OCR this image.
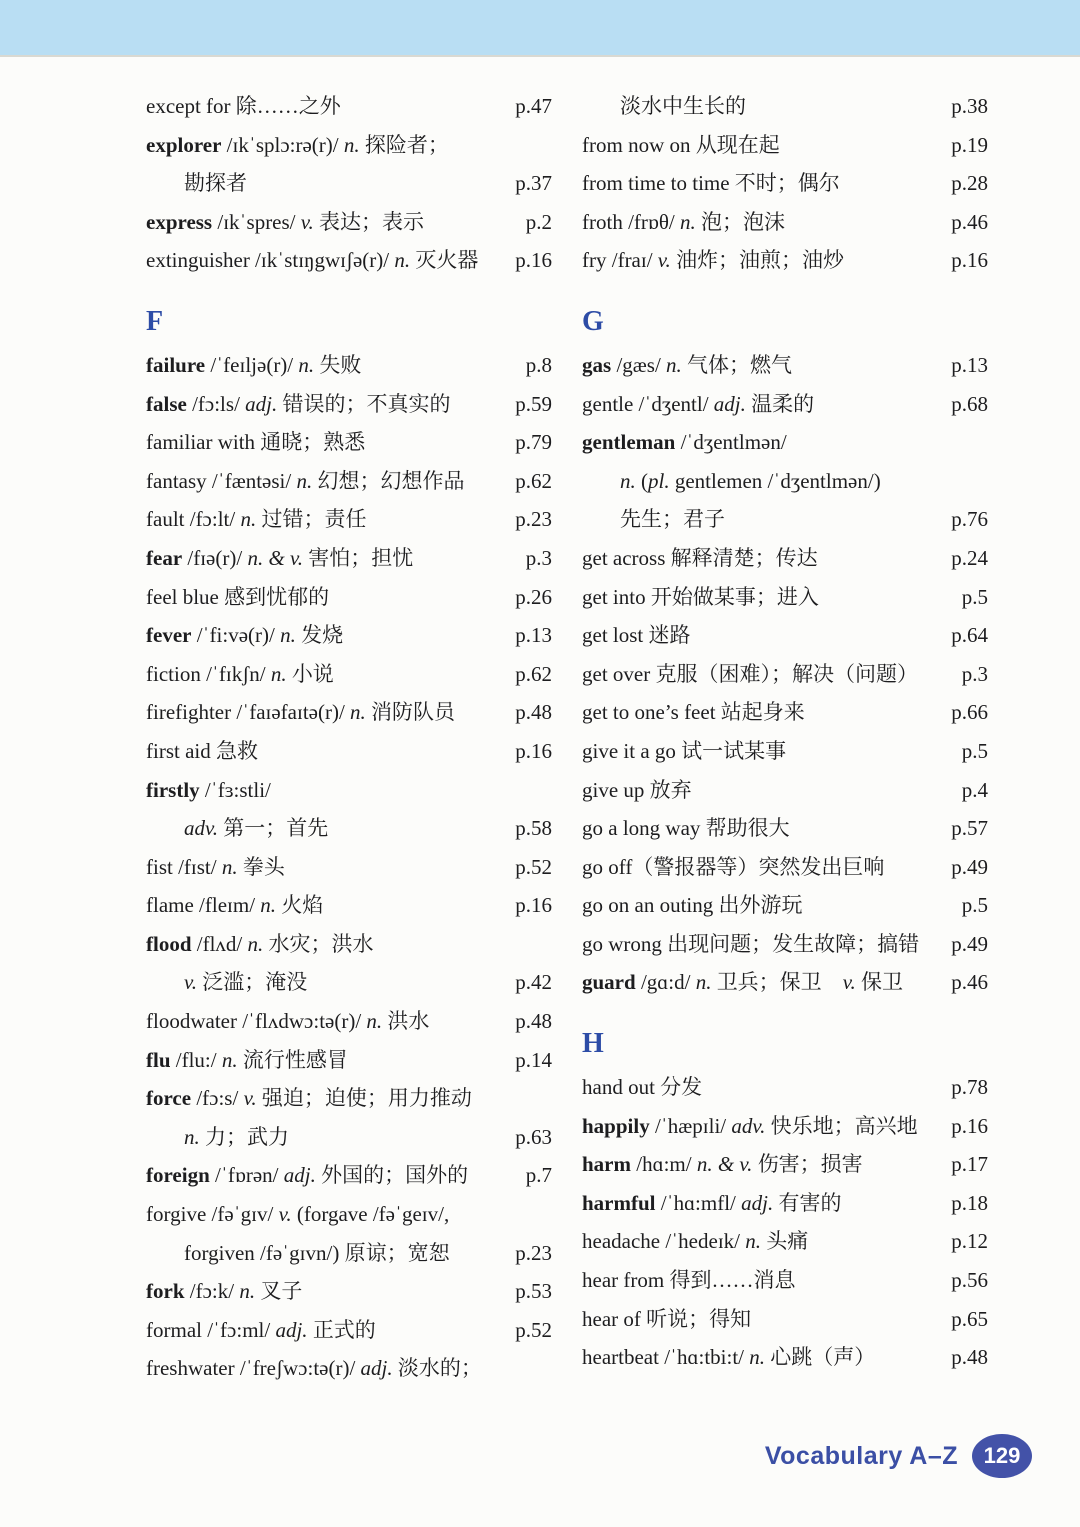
except for 除……之外	p.47
explorer /ɪkˈsplɔ:rə(r)/ n. 探险者；
勘探者	p.37
express /ɪkˈspres/ v. 表达；表示	p.2
extinguisher /ɪkˈstɪŋgwɪʃə(r)/ n. 灭火器	p.16
F
failure /ˈfeɪljə(r)/ n. 失败	p.8
false /fɔ:ls/ adj. 错误的；不真实的	p.59
familiar with 通晓；熟悉	p.79
fantasy /ˈfæntəsi/ n. 幻想；幻想作品	p.62
fault /fɔ:lt/ n. 过错；责任	p.23
fear /fɪə(r)/ n. & v. 害怕；担忧	p.3
feel blue 感到忧郁的	p.26
fever /ˈfi:və(r)/ n. 发烧	p.13
fiction /ˈfɪkʃn/ n. 小说	p.62
firefighter /ˈfaɪəfaɪtə(r)/ n. 消防队员	p.48
first aid 急救	p.16
firstly /ˈfɜ:stli/
adv. 第一；首先	p.58
fist /fɪst/ n. 拳头	p.52
flame /fleɪm/ n. 火焰	p.16
flood /flʌd/ n. 水灾；洪水
v. 泛滥；淹没	p.42
floodwater /ˈflʌdwɔ:tə(r)/ n. 洪水	p.48
flu /flu:/ n. 流行性感冒	p.14
force /fɔ:s/ v. 强迫；迫使；用力推动
n. 力；武力	p.63
foreign /ˈfɒrən/ adj. 外国的；国外的	p.7
forgive /fəˈgɪv/ v. (forgave /fəˈgeɪv/,
forgiven /fəˈgɪvn/) 原谅；宽恕	p.23
fork /fɔ:k/ n. 叉子	p.53
formal /ˈfɔ:ml/ adj. 正式的	p.52
freshwater /ˈfreʃwɔ:tə(r)/ adj. 淡水的；
淡水中生长的	p.38
from now on 从现在起	p.19
from time to time 不时；偶尔	p.28
froth /frɒθ/ n. 泡；泡沫	p.46
fry /fraɪ/ v. 油炸；油煎；油炒	p.16
G
gas /gæs/ n. 气体；燃气	p.13
gentle /ˈdʒentl/ adj. 温柔的	p.68
gentleman /ˈdʒentlmən/
n. (pl. gentlemen /ˈdʒentlmən/)
先生；君子	p.76
get across 解释清楚；传达	p.24
get into 开始做某事；进入	p.5
get lost 迷路	p.64
get over 克服（困难）；解决（问题）	p.3
get to one’s feet 站起身来	p.66
give it a go 试一试某事	p.5
give up 放弃	p.4
go a long way 帮助很大	p.57
go off（警报器等）突然发出巨响	p.49
go on an outing 出外游玩	p.5
go wrong 出现问题；发生故障；搞错	p.49
guard /gɑ:d/ n. 卫兵；保卫　v. 保卫	p.46
H
hand out 分发	p.78
happily /ˈhæpɪli/ adv. 快乐地；高兴地	p.16
harm /hɑ:m/ n. & v. 伤害；损害	p.17
harmful /ˈhɑ:mfl/ adj. 有害的	p.18
headache /ˈhedeɪk/ n. 头痛	p.12
hear from 得到……消息	p.56
hear of 听说；得知	p.65
heartbeat /ˈhɑ:tbi:t/ n. 心跳（声）	p.48
Vocabulary A–Z	129
